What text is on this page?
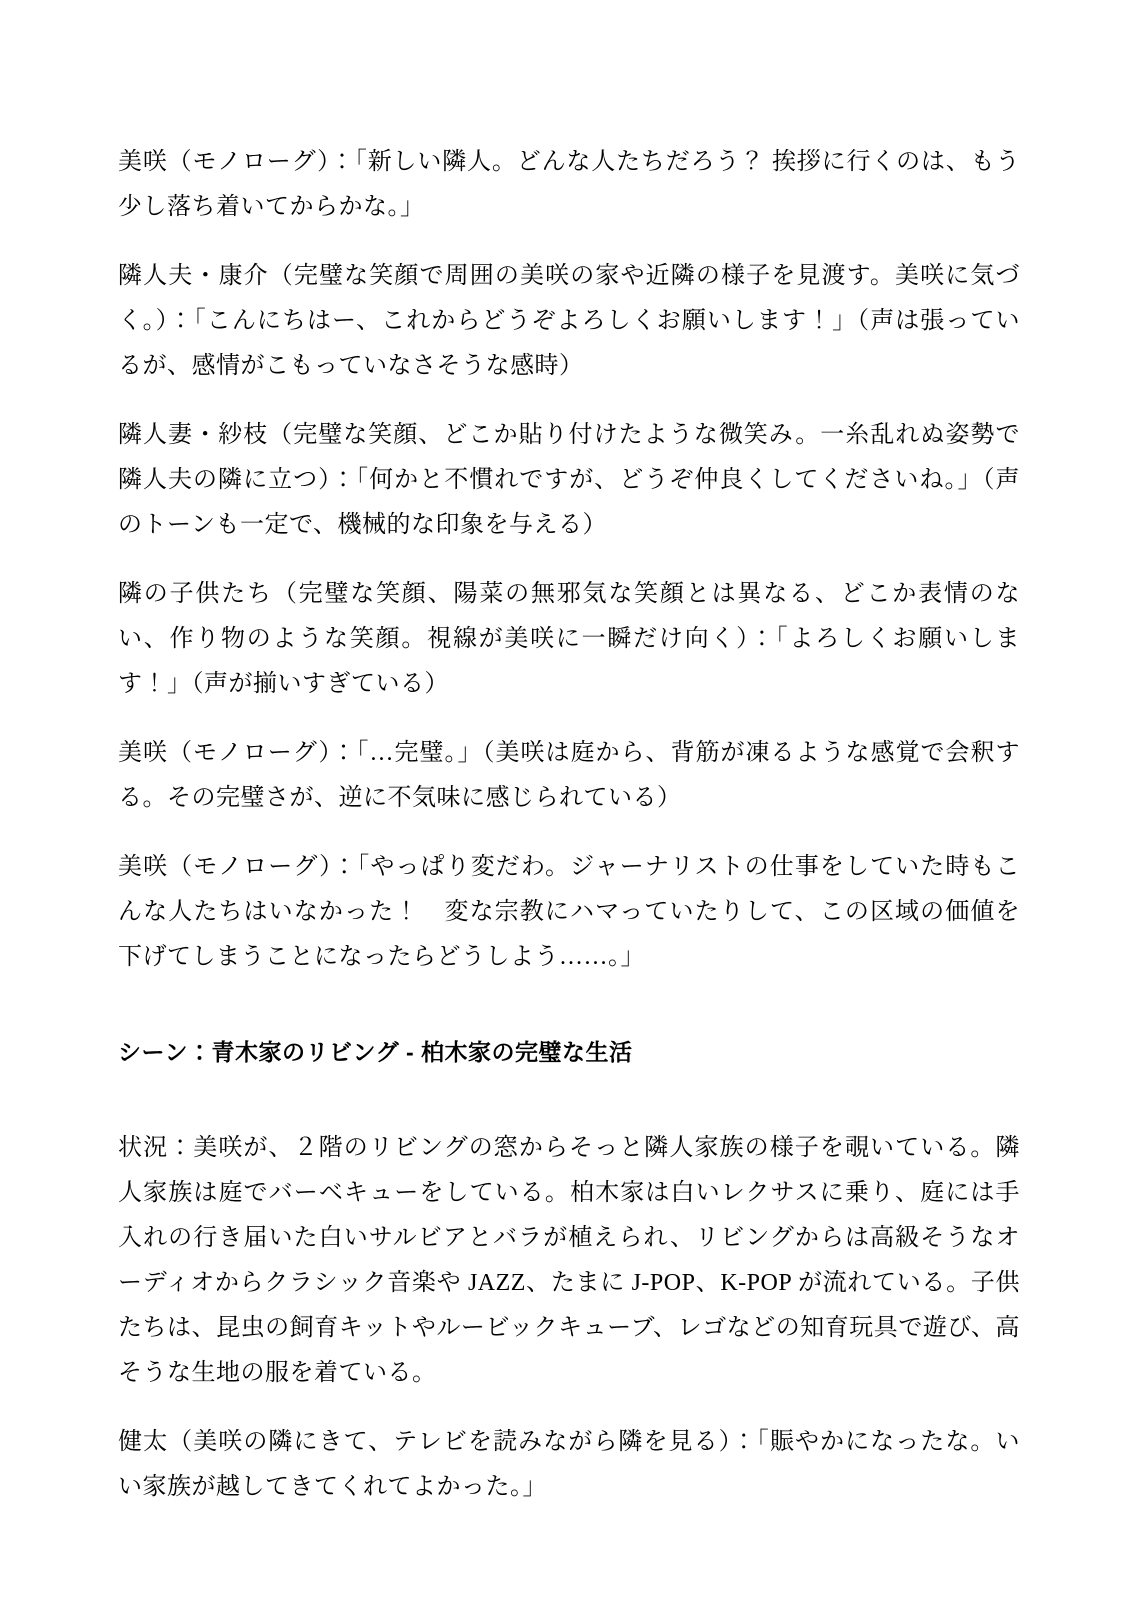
美咲（モノローグ）：「新しい隣人。どんな人たちだろう？ 挨拶に行くのは、もう少し落ち着いてからかな。」

隣人夫・康介（完璧な笑顔で周囲の美咲の家や近隣の様子を見渡す。美咲に気づく。）：「こんにちはー、これからどうぞよろしくお願いします！」（声は張っているが、感情がこもっていなさそうな感時）

隣人妻・紗枝（完璧な笑顔、どこか貼り付けたような微笑み。一糸乱れぬ姿勢で隣人夫の隣に立つ）：「何かと不慣れですが、どうぞ仲良くしてくださいね。」（声のトーンも一定で、機械的な印象を与える）

隣の子供たち（完璧な笑顔、陽菜の無邪気な笑顔とは異なる、どこか表情のない、作り物のような笑顔。視線が美咲に一瞬だけ向く）：「よろしくお願いします！」（声が揃いすぎている）

美咲（モノローグ）：「…完璧。」（美咲は庭から、背筋が凍るような感覚で会釈する。その完璧さが、逆に不気味に感じられている）

美咲（モノローグ）：「やっぱり変だわ。ジャーナリストの仕事をしていた時もこんな人たちはいなかった！　変な宗教にハマっていたりして、この区域の価値を下げてしまうことになったらどうしよう……。」

シーン：青木家のリビング - 柏木家の完璧な生活

状況：美咲が、２階のリビングの窓からそっと隣人家族の様子を覗いている。隣人家族は庭でバーベキューをしている。柏木家は白いレクサスに乗り、庭には手入れの行き届いた白いサルビアとバラが植えられ、リビングからは高級そうなオーディオからクラシック音楽や JAZZ、たまに J-POP、K-POP が流れている。子供たちは、昆虫の飼育キットやルービックキューブ、レゴなどの知育玩具で遊び、高そうな生地の服を着ている。

健太（美咲の隣にきて、テレビを読みながら隣を見る）：「賑やかになったな。いい家族が越してきてくれてよかった。」
